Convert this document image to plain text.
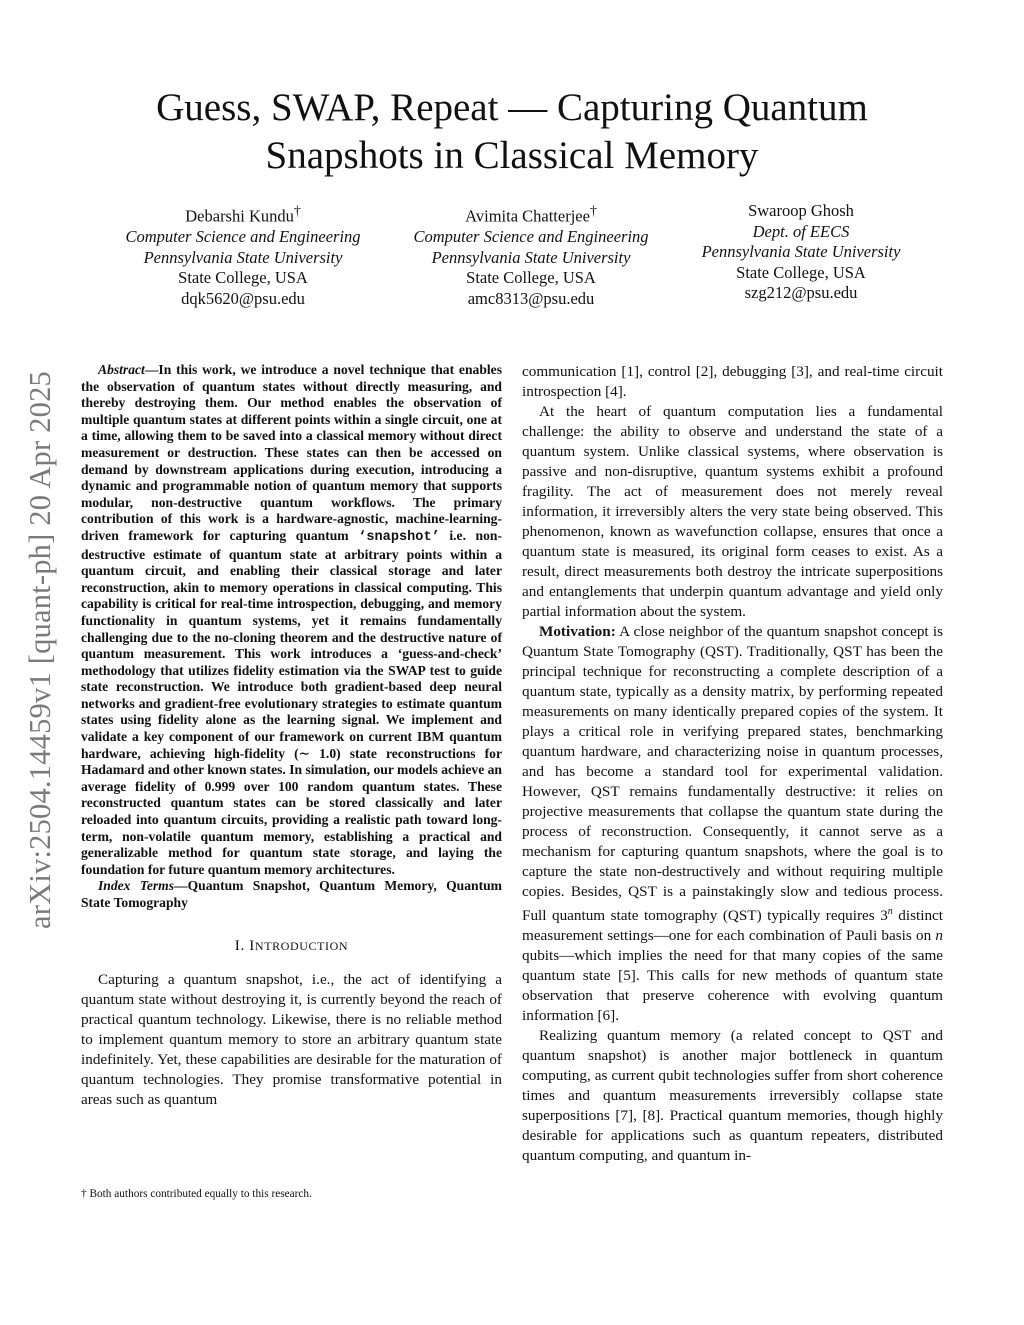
arXiv:2504.14459v1 [quant-ph] 20 Apr 2025
Guess, SWAP, Repeat — Capturing Quantum
Snapshots in Classical Memory
Debarshi Kundu†
Computer Science and Engineering
Pennsylvania State University
State College, USA
dqk5620@psu.edu
Avimita Chatterjee†
Computer Science and Engineering
Pennsylvania State University
State College, USA
amc8313@psu.edu
Swaroop Ghosh
Dept. of EECS
Pennsylvania State University
State College, USA
szg212@psu.edu

Abstract—In this work, we introduce a novel technique that enables the observation of quantum states without directly measuring, and thereby destroying them. Our method enables the observation of multiple quantum states at different points within a single circuit, one at a time, allowing them to be saved into a classical memory without direct measurement or destruction. These states can then be accessed on demand by downstream applications during execution, introducing a dynamic and programmable notion of quantum memory that supports modular, non-destructive quantum workflows. The primary contribution of this work is a hardware-agnostic, machine-learning-driven framework for capturing quantum ‘snapshot’ i.e. non-destructive estimate of quantum state at arbitrary points within a quantum circuit, and enabling their classical storage and later reconstruction, akin to memory operations in classical computing. This capability is critical for real-time introspection, debugging, and memory functionality in quantum systems, yet it remains fundamentally challenging due to the no-cloning theorem and the destructive nature of quantum measurement. This work introduces a ‘guess-and-check’ methodology that utilizes fidelity estimation via the SWAP test to guide state reconstruction. We introduce both gradient-based deep neural networks and gradient-free evolutionary strategies to estimate quantum states using fidelity alone as the learning signal. We implement and validate a key component of our framework on current IBM quantum hardware, achieving high-fidelity (∼ 1.0) state reconstructions for Hadamard and other known states. In simulation, our models achieve an average fidelity of 0.999 over 100 random quantum states. These reconstructed quantum states can be stored classically and later reloaded into quantum circuits, providing a realistic path toward long-term, non-volatile quantum memory, establishing a practical and generalizable method for quantum state storage, and laying the foundation for future quantum memory architectures.

Index Terms—Quantum Snapshot, Quantum Memory, Quantum State Tomography

I. INTRODUCTION

Capturing a quantum snapshot, i.e., the act of identifying a quantum state without destroying it, is currently beyond the reach of practical quantum technology. Likewise, there is no reliable method to implement quantum memory to store an arbitrary quantum state indefinitely. Yet, these capabilities are desirable for the maturation of quantum technologies. They promise transformative potential in areas such as quantum

† Both authors contributed equally to this research.

communication [1], control [2], debugging [3], and real-time circuit introspection [4].

At the heart of quantum computation lies a fundamental challenge: the ability to observe and understand the state of a quantum system. Unlike classical systems, where observation is passive and non-disruptive, quantum systems exhibit a profound fragility. The act of measurement does not merely reveal information, it irreversibly alters the very state being observed. This phenomenon, known as wavefunction collapse, ensures that once a quantum state is measured, its original form ceases to exist. As a result, direct measurements both destroy the intricate superpositions and entanglements that underpin quantum advantage and yield only partial information about the system.

Motivation: A close neighbor of the quantum snapshot concept is Quantum State Tomography (QST). Traditionally, QST has been the principal technique for reconstructing a complete description of a quantum state, typically as a density matrix, by performing repeated measurements on many identically prepared copies of the system. It plays a critical role in verifying prepared states, benchmarking quantum hardware, and characterizing noise in quantum processes, and has become a standard tool for experimental validation. However, QST remains fundamentally destructive: it relies on projective measurements that collapse the quantum state during the process of reconstruction. Consequently, it cannot serve as a mechanism for capturing quantum snapshots, where the goal is to capture the state non-destructively and without requiring multiple copies. Besides, QST is a painstakingly slow and tedious process. Full quantum state tomography (QST) typically requires 3$^n$ distinct measurement settings—one for each combination of Pauli basis on n qubits—which implies the need for that many copies of the same quantum state [5]. This calls for new methods of quantum state observation that preserve coherence with evolving quantum information [6].

Realizing quantum memory (a related concept to QST and quantum snapshot) is another major bottleneck in quantum computing, as current qubit technologies suffer from short coherence times and quantum measurements irreversibly collapse state superpositions [7], [8]. Practical quantum memories, though highly desirable for applications such as quantum repeaters, distributed quantum computing, and quantum in-
